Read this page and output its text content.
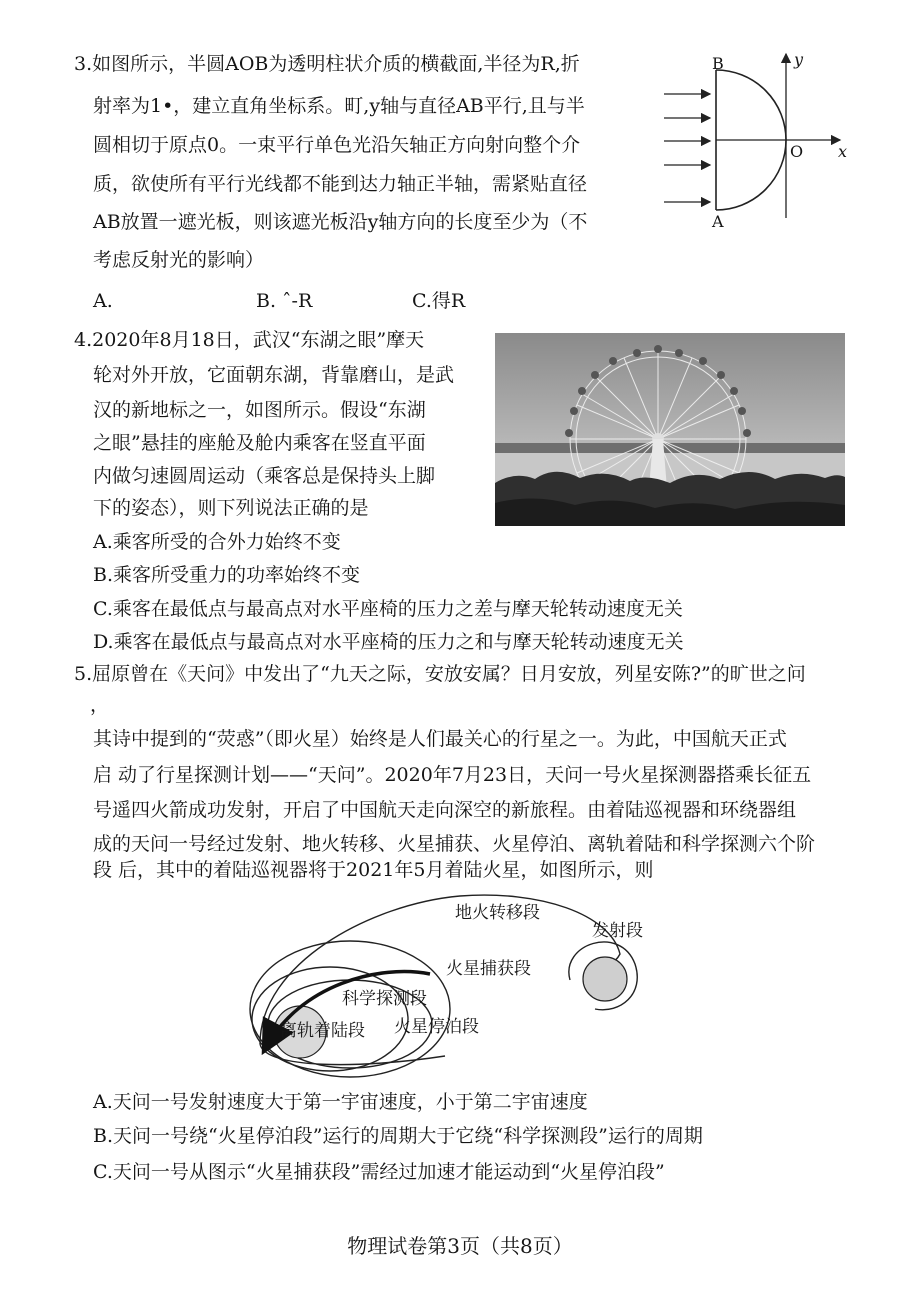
3.如图所示，半圆AOB为透明柱状介质的横截面,半径为R,折
射率为1•，建立直角坐标系。町,y轴与直径AB平行,且与半
圆相切于原点0。一束平行单色光沿矢轴正方向射向整个介
质，欲使所有平行光线都不能到达力轴正半轴，需紧贴直径
AB放置一遮光板，则该遮光板沿y轴方向的长度至少为（不
考虑反射光的影响）
A.	B. ˆ-R	C.得R
B
A
O
y
x
4.2020年8月18日，武汉“东湖之眼”摩天
轮对外开放，它面朝东湖，背靠磨山，是武
汉的新地标之一，如图所示。假设“东湖
之眼”悬挂的座舱及舱内乘客在竖直平面
内做匀速圆周运动（乘客总是保持头上脚
下的姿态），则下列说法正确的是
A.乘客所受的合外力始终不变
B.乘客所受重力的功率始终不变
C.乘客在最低点与最高点对水平座椅的压力之差与摩天轮转动速度无关
D.乘客在最低点与最高点对水平座椅的压力之和与摩天轮转动速度无关
5.屈原曾在《天问》中发出了“九天之际，安放安属？日月安放，列星安陈?”的旷世之问
，
其诗中提到的“荧惑”（即火星）始终是人们最关心的行星之一。为此，中国航天正式
启 动了行星探测计划——“天问”。2020年7月23日，天问一号火星探测器搭乘长征五
号遥四火箭成功发射，开启了中国航天走向深空的新旅程。由着陆巡视器和环绕器组
成的天问一号经过发射、地火转移、火星捕获、火星停泊、离轨着陆和科学探测六个阶
段 后，其中的着陆巡视器将于2021年5月着陆火星，如图所示，则
地火转移段
发射段
火星捕获段
科学探测段
火星停泊段
离轨着陆段
A.天问一号发射速度大于第一宇宙速度，小于第二宇宙速度
B.天问一号绕“火星停泊段”运行的周期大于它绕“科学探测段”运行的周期
C.天问一号从图示“火星捕获段”需经过加速才能运动到“火星停泊段”
物理试卷第3页（共8页）
